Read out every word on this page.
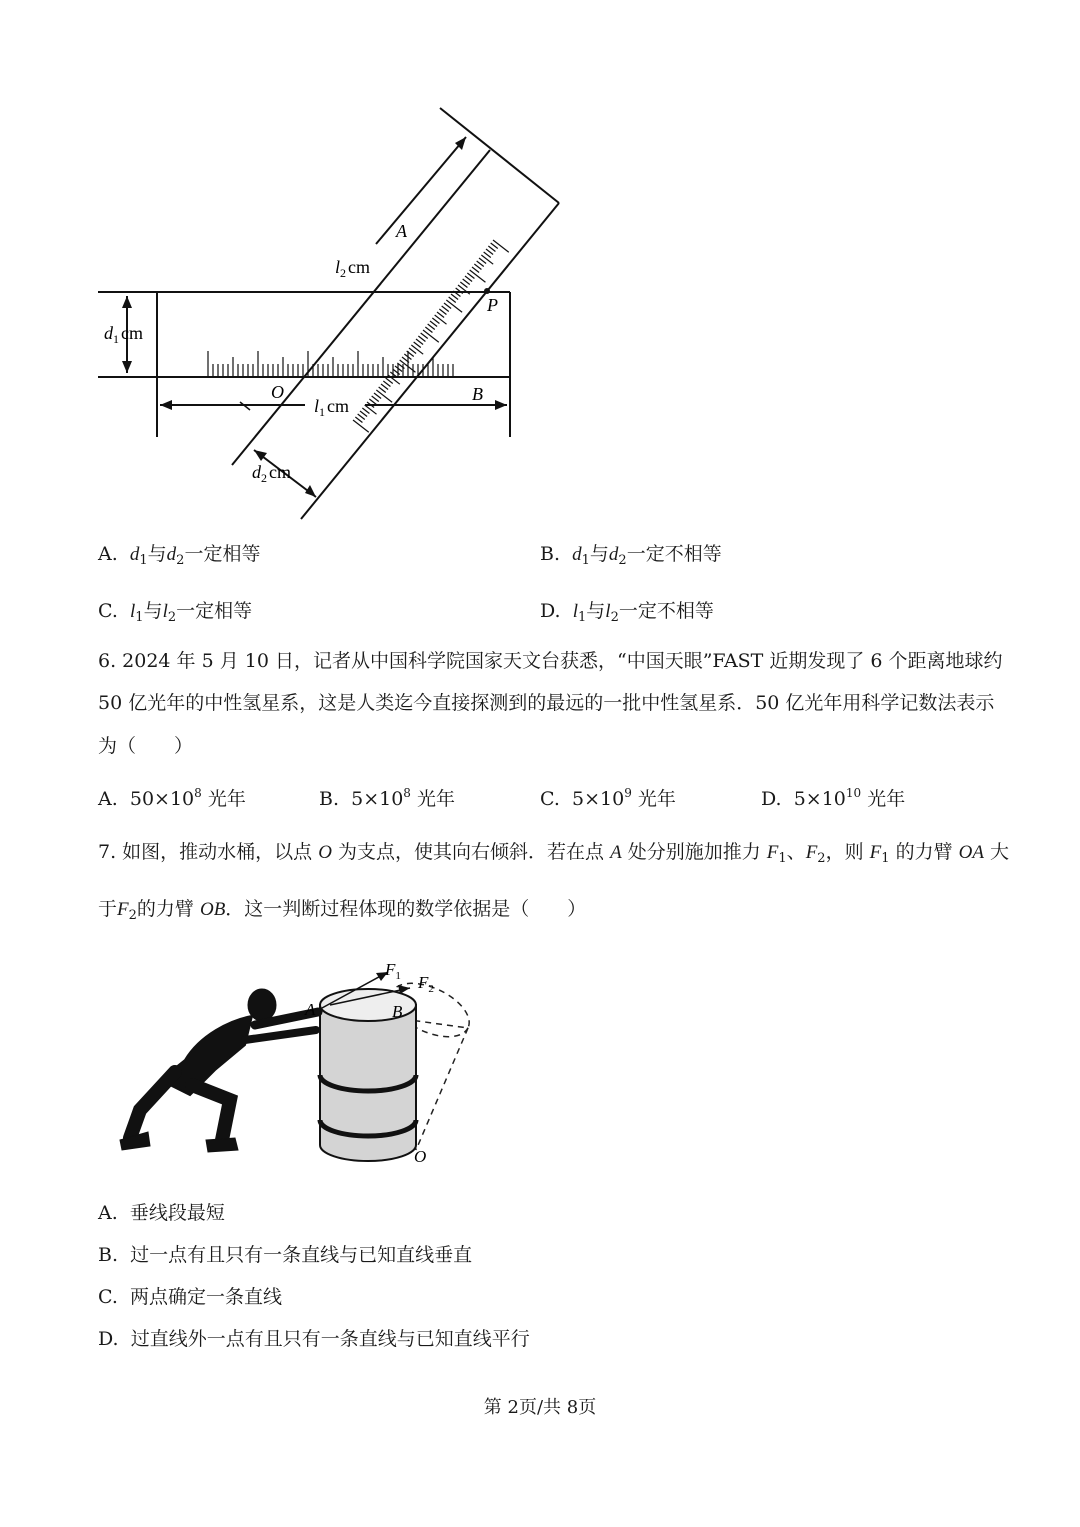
A
P
O	B
$l_2$ cm
$l_1$ cm
$d_1$ cm
$d_2$ cm
A. $d_1$与$d_2$一定相等	B. $d_1$与$d_2$一定不相等
C. $l_1$与$l_2$一定相等	D. $l_1$与$l_2$一定不相等
6. 2024 年 5 月 10 日，记者从中国科学院国家天文台获悉，“中国天眼”FAST 近期发现了 6 个距离地球约
50 亿光年的中性氢星系，这是人类迄今直接探测到的最远的一批中性氢星系．50 亿光年用科学记数法表示
为（　　）
A. $50\times 10^8$ 光年	B. $5\times 10^8$ 光年	C. $5\times 10^9$ 光年	D. $5\times 10^{10}$ 光年
7. 如图，推动水桶，以点 O 为支点，使其向右倾斜．若在点 A 处分别施加推力 $F_1$、$F_2$，则 $F_1$ 的力臂 OA 大
于$F_2$的力臂 OB．这一判断过程体现的数学依据是（　　）
$F_1$ $F_2$
A	B
O
A. 垂线段最短
B. 过一点有且只有一条直线与已知直线垂直
C. 两点确定一条直线
D. 过直线外一点有且只有一条直线与已知直线平行
第 2页/共 8页
